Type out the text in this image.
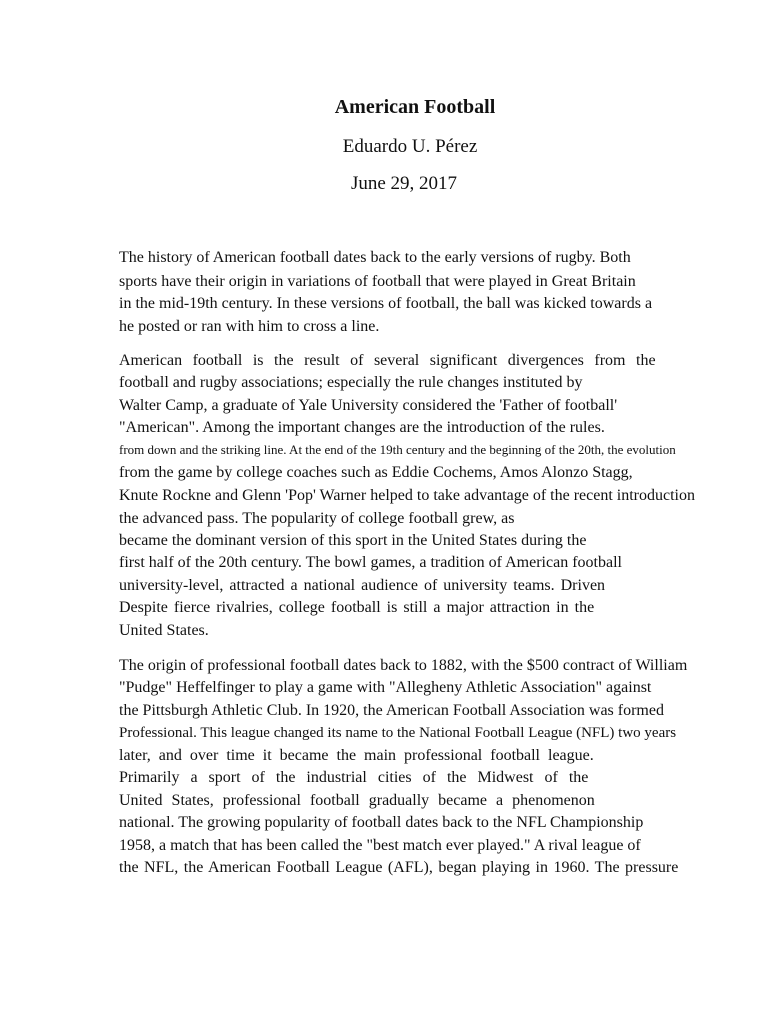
American Football
Eduardo U. Pérez
June 29, 2017
The history of American football dates back to the early versions of rugby. Both
sports have their origin in variations of football that were played in Great Britain
in the mid-19th century. In these versions of football, the ball was kicked towards a
he posted or ran with him to cross a line.
American football is the result of several significant divergences from the
football and rugby associations; especially the rule changes instituted by
Walter Camp, a graduate of Yale University considered the 'Father of football'
"American". Among the important changes are the introduction of the rules.
from down and the striking line. At the end of the 19th century and the beginning of the 20th, the evolution
from the game by college coaches such as Eddie Cochems, Amos Alonzo Stagg,
Knute Rockne and Glenn 'Pop' Warner helped to take advantage of the recent introduction
the advanced pass. The popularity of college football grew, as
became the dominant version of this sport in the United States during the
first half of the 20th century. The bowl games, a tradition of American football
university-level, attracted a national audience of university teams. Driven
Despite fierce rivalries, college football is still a major attraction in the
United States.
The origin of professional football dates back to 1882, with the $500 contract of William
"Pudge" Heffelfinger to play a game with "Allegheny Athletic Association" against
the Pittsburgh Athletic Club. In 1920, the American Football Association was formed
Professional. This league changed its name to the National Football League (NFL) two years
later, and over time it became the main professional football league.
Primarily a sport of the industrial cities of the Midwest of the
United States, professional football gradually became a phenomenon
national. The growing popularity of football dates back to the NFL Championship
1958, a match that has been called the "best match ever played." A rival league of
the NFL, the American Football League (AFL), began playing in 1960. The pressure
